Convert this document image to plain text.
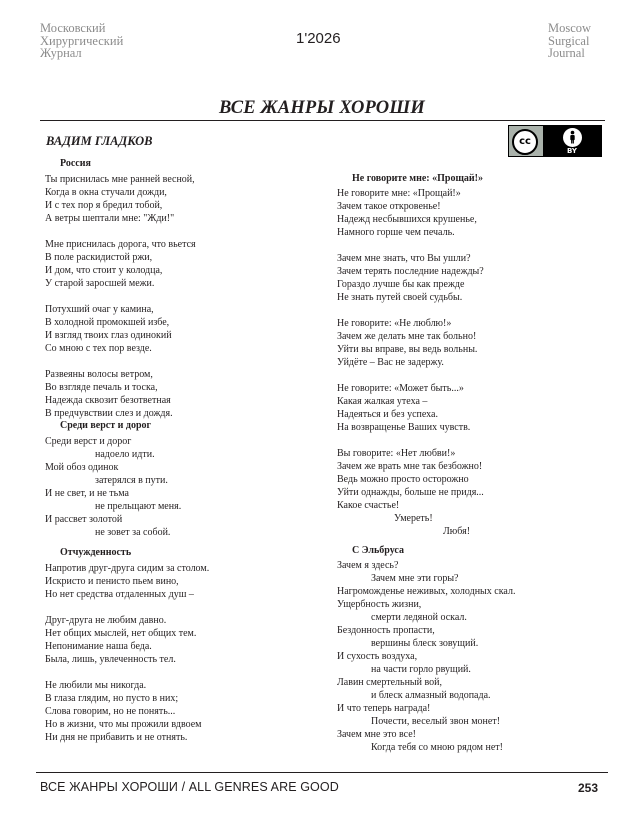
Московский
Хирургический
Журнал
1'2026
Moscow
Surgical
Journal
ВСЕ ЖАНРЫ ХОРОШИ
ВАДИМ ГЛАДКОВ	cc
BY
Россия
Ты приснилась мне ранней весной,
Когда в окна стучали дожди,
И с тех пор я бредил тобой,
А ветры шептали мне: "Жди!"

Мне приснилась дорога, что вьется
В поле раскидистой ржи,
И дом, что стоит у колодца,
У старой заросшей межи.

Потухший очаг у камина,
В холодной промокшей избе,
И взгляд твоих глаз одинокий
Со мною с тех пор везде.

Развеяны волосы ветром,
Во взгляде печаль и тоска,
Надежда сквозит безответная
В предчувствии слез и дождя.
Среди верст и дорог
Среди верст и дорог
надоело идти.
Мой обоз одинок
затерялся в пути.
И не свет, и не тьма
не прельщают меня.
И рассвет золотой
не зовет за собой.
Отчужденность
Напротив друг-друга сидим за столом.
Искристо и пенисто пьем вино,
Но нет средства отдаленных душ –

Друг-друга не любим давно.
Нет общих мыслей, нет общих тем.
Непонимание наша беда.
Была, лишь, увлеченность тел.

Не любили мы никогда.
В глаза глядим, но пусто в них;
Слова говорим, но не понять...
Но в жизни, что мы прожили вдвоем
Ни дня не прибавить и не отнять.
Не говорите мне: «Прощай!»
Не говорите мне: «Прощай!»
Зачем такое откровенье!
Надежд несбывшихся крушенье,
Намного горше чем печаль.

Зачем мне знать, что Вы ушли?
Зачем терять последние надежды?
Гораздо лучше бы как прежде
Не знать путей своей судьбы.

Не говорите: «Не люблю!»
Зачем же делать мне так больно!
Уйти вы вправе, вы ведь вольны.
Уйдёте – Вас не задержу.

Не говорите: «Может быть...»
Какая жалкая утеха –
Надеяться и без успеха.
На возвращенье Ваших чувств.

Вы говорите: «Нет любви!»
Зачем же врать мне так безбожно!
Ведь можно просто осторожно
Уйти однажды, больше не придя...
Какое счастье!
Умереть!
Любя!
С Эльбруса
Зачем я здесь?
Зачем мне эти горы?
Нагроможденье неживых, холодных скал.
Ущербность жизни,
смерти ледяной оскал.
Бездонность пропасти,
вершины блеск зовущий.
И сухость воздуха,
на части горло рвущий.
Лавин смертельный вой,
и блеск алмазный водопада.
И что теперь награда!
Почести, веселый звон монет!
Зачем мне это все!
Когда тебя со мною рядом нет!
ВСЕ ЖАНРЫ ХОРОШИ / ALL GENRES ARE GOOD	253
